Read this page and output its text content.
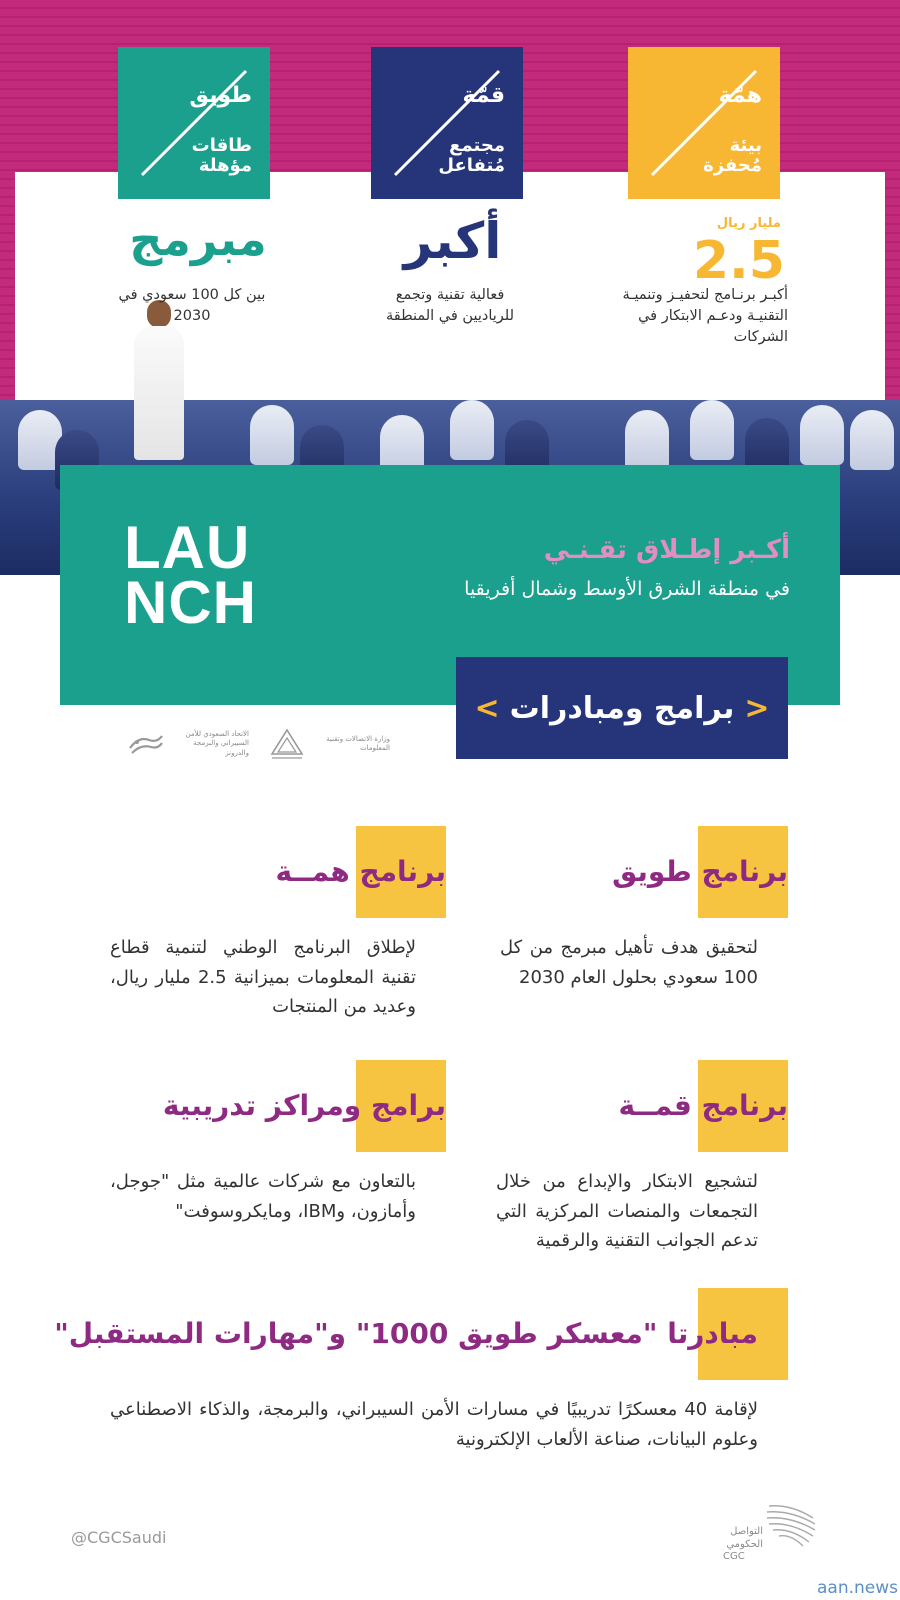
همّة
بيئة مُحفزة
قمّة
مجتمع مُتفاعل
طويق
طاقات مؤهلة
مليار ريال 2.5
أكبر
مبرمج
أكبـر برنـامج لتحفيـز وتنميـة التقنيـة ودعـم الابتكار في الشركات
فعالية تقنية وتجمع للرياديين في المنطقة
بين كل 100 سعودي في 2030
LAU
NCH
أكـبر إطـلاق تقـنـي
في منطقة الشرق الأوسط وشمال أفريقيا
<
برامج ومبادرات
>
الاتحاد السعودي للأمن السيبراني والبرمجة والدرونز
وزارة الاتصالات وتقنية المعلومات
برنامج طويق
لتحقيق هدف تأهيل مبرمج من كل 100 سعودي بحلول العام 2030
برنامج همــة
لإطلاق البرنامج الوطني لتنمية قطاع تقنية المعلومات بميزانية 2.5 مليار ريال، وعديد من المنتجات
برنامج قمــة
لتشجيع الابتكار والإبداع من خلال التجمعات والمنصات المركزية التي تدعم الجوانب التقنية والرقمية
برامج ومراكز تدريبية
بالتعاون مع شركات عالمية مثل "جوجل، وأمازون، وIBM، ومايكروسوفت"
مبادرتا "معسكر طويق 1000" و"مهارات المستقبل"
لإقامة 40 معسكرًا تدريبيًا في مسارات الأمن السيبراني، والبرمجة، والذكاء الاصطناعي وعلوم البيانات، صناعة الألعاب الإلكترونية
@CGCSaudi	التواصل
الحكومي
CGC
aan.news
